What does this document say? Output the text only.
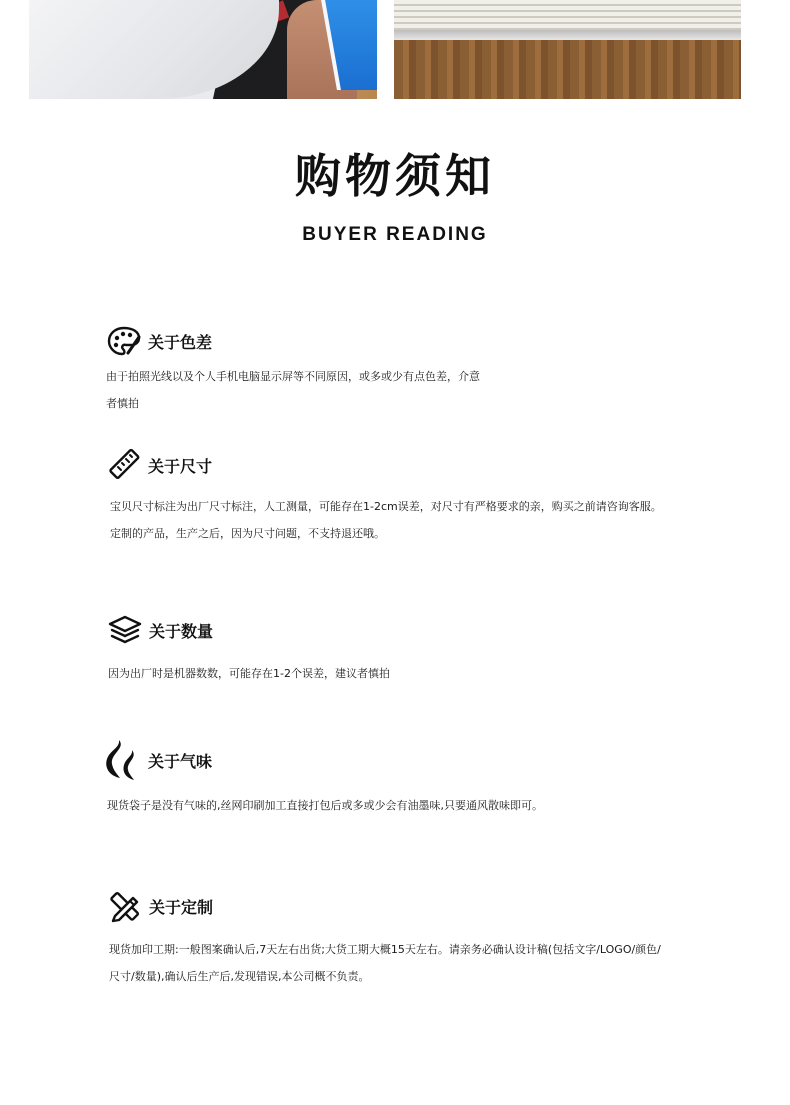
购物须知
BUYER READING
关于色差
由于拍照光线以及个人手机电脑显示屏等不同原因，或多或少有点色差，介意
者慎拍
关于尺寸
宝贝尺寸标注为出厂尺寸标注，人工测量，可能存在1-2cm误差，对尺寸有严格要求的亲，购买之前请咨询客服。
定制的产品，生产之后，因为尺寸问题，不支持退还哦。
关于数量
因为出厂时是机器数数，可能存在1-2个误差，建议者慎拍
关于气味
现货袋子是没有气味的,丝网印刷加工直接打包后或多或少会有油墨味,只要通风散味即可。
关于定制
现货加印工期:一般图案确认后,7天左右出货;大货工期大概15天左右。请亲务必确认设计稿(包括文字/LOGO/颜色/
尺寸/数量),确认后生产后,发现错误,本公司概不负责。
